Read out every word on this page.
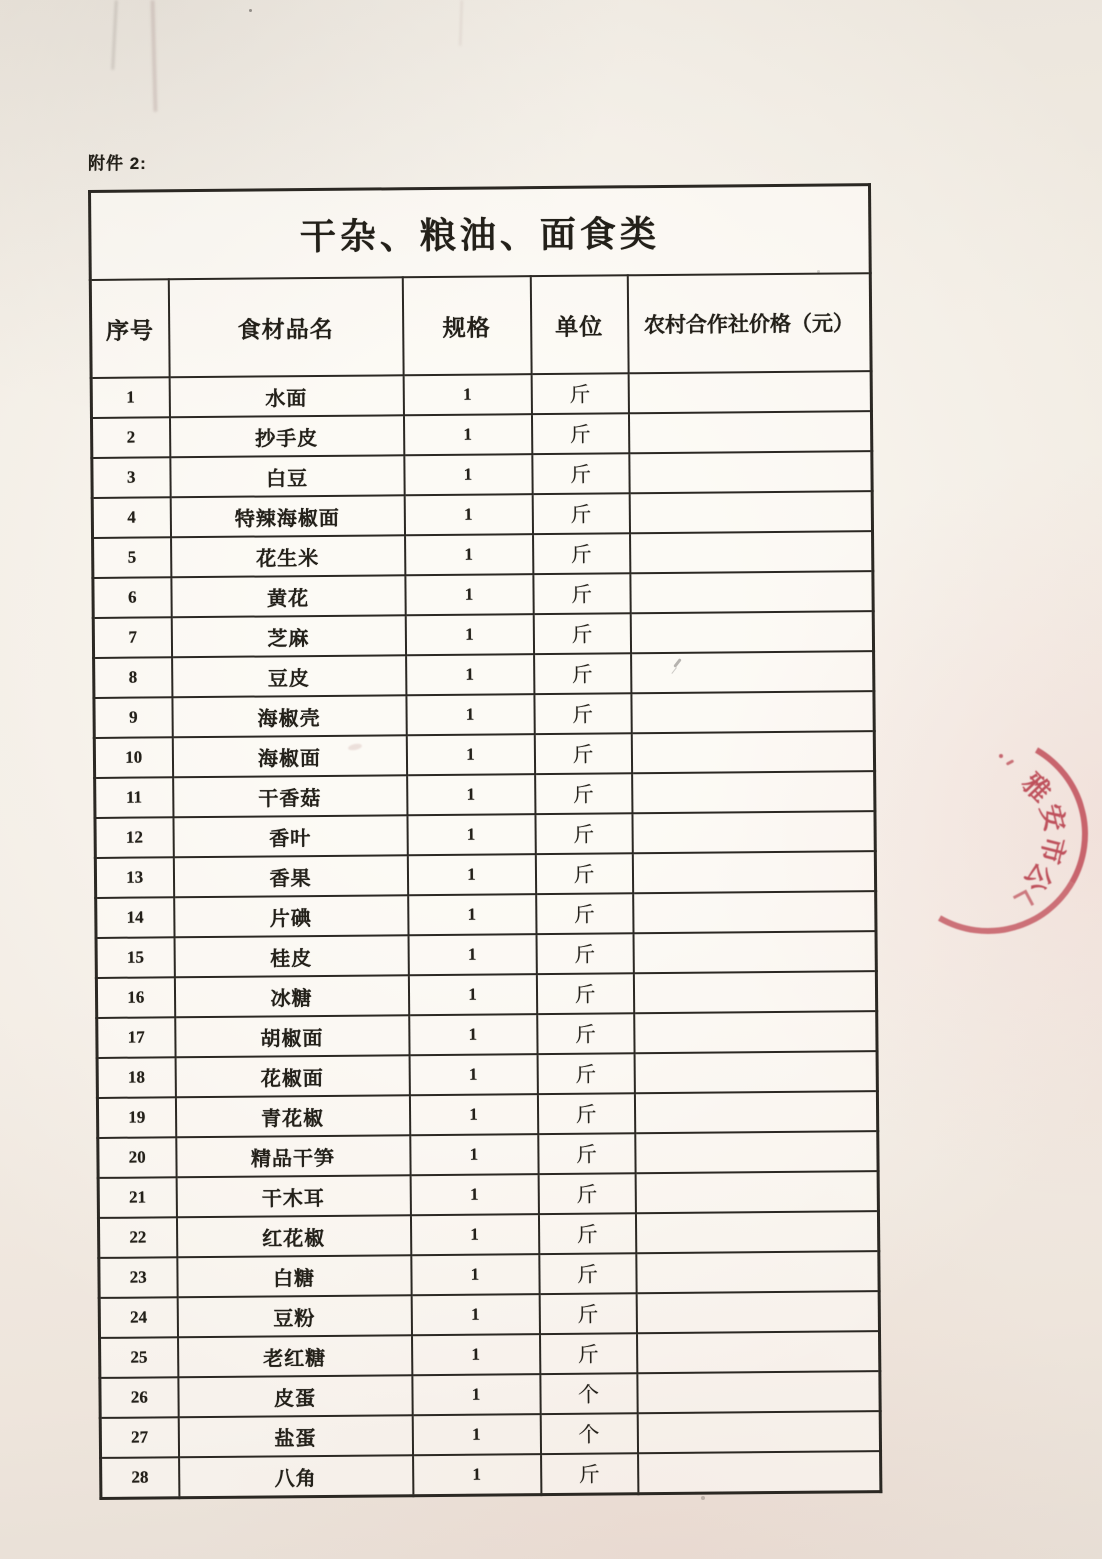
附件 2:
干杂、粮油、面食类				
序号	食材品名	规格	单位	农村合作社价格（元）
1	水面	1	斤	
2	抄手皮	1	斤	
3	白豆	1	斤	
4	特辣海椒面	1	斤	
5	花生米	1	斤	
6	黄花	1	斤	
7	芝麻	1	斤	
8	豆皮	1	斤	
9	海椒壳	1	斤	
10	海椒面	1	斤	
11	干香菇	1	斤	
12	香叶	1	斤	
13	香果	1	斤	
14	片碘	1	斤	
15	桂皮	1	斤	
16	冰糖	1	斤	
17	胡椒面	1	斤	
18	花椒面	1	斤	
19	青花椒	1	斤	
20	精品干笋	1	斤	
21	干木耳	1	斤	
22	红花椒	1	斤	
23	白糖	1	斤	
24	豆粉	1	斤	
25	老红糖	1	斤	
26	皮蛋	1	个	
27	盐蛋	1	个	
28	八角	1	斤	
雅
安
市
公
